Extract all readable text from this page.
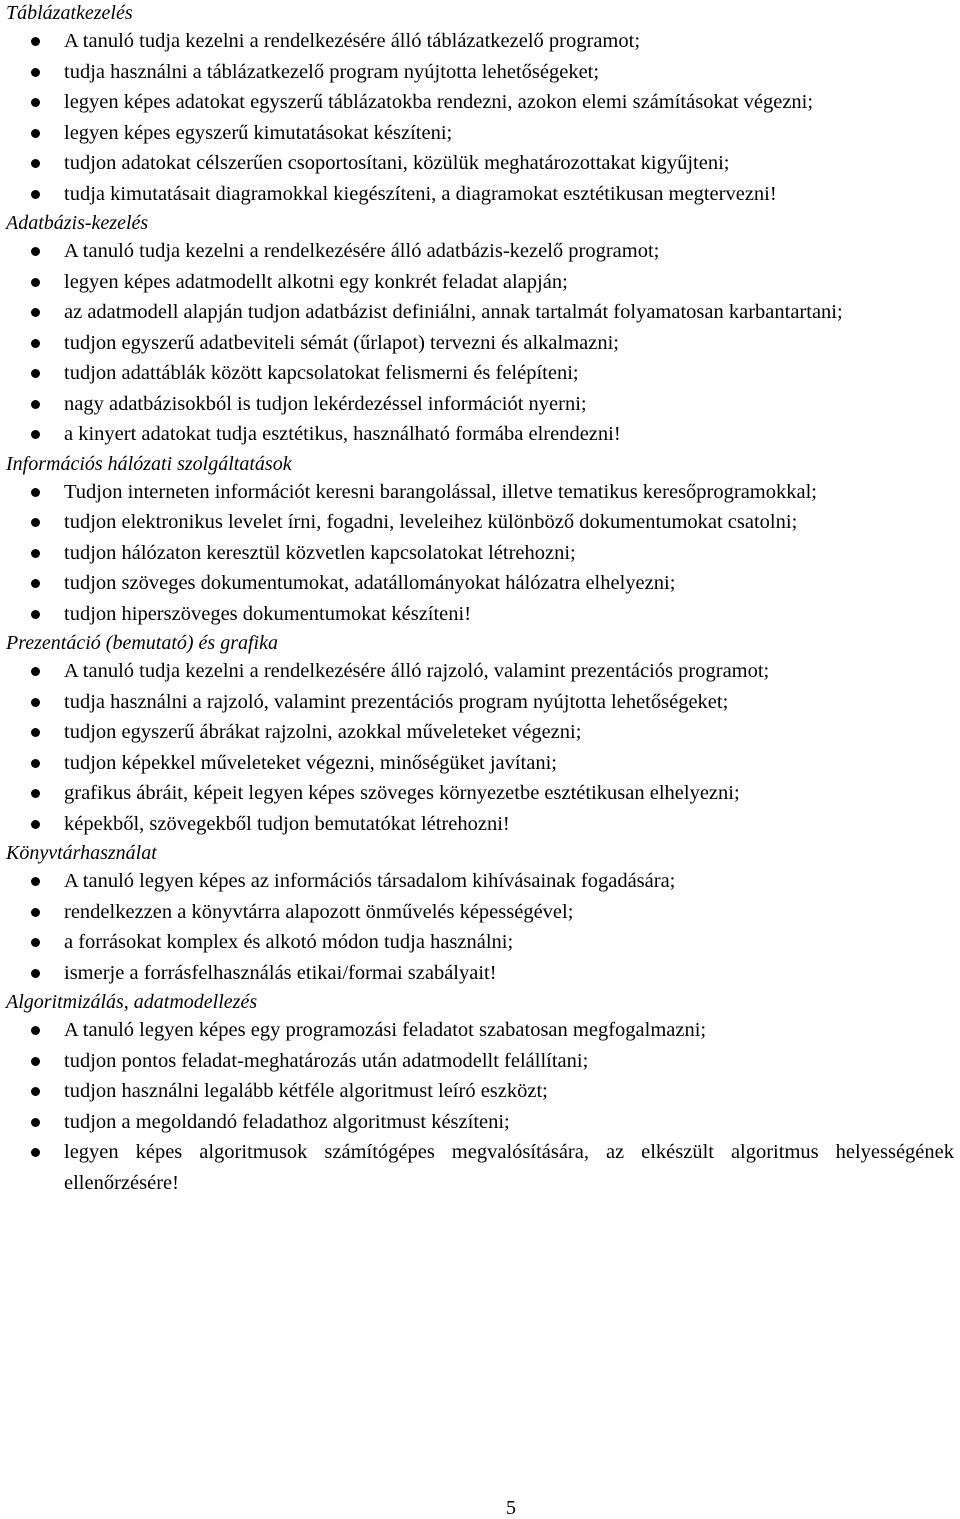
Táblázatkezelés
A tanuló tudja kezelni a rendelkezésére álló táblázatkezelő programot;
tudja használni a táblázatkezelő program nyújtotta lehetőségeket;
legyen képes adatokat egyszerű táblázatokba rendezni, azokon elemi számításokat végezni;
legyen képes egyszerű kimutatásokat készíteni;
tudjon adatokat célszerűen csoportosítani, közülük meghatározottakat kigyűjteni;
tudja kimutatásait diagramokkal kiegészíteni, a diagramokat esztétikusan megtervezni!
Adatbázis-kezelés
A tanuló tudja kezelni a rendelkezésére álló adatbázis-kezelő programot;
legyen képes adatmodellt alkotni egy konkrét feladat alapján;
az adatmodell alapján tudjon adatbázist definiálni, annak tartalmát folyamatosan karbantartani;
tudjon egyszerű adatbeviteli sémát (űrlapot) tervezni és alkalmazni;
tudjon adattáblák között kapcsolatokat felismerni és felépíteni;
nagy adatbázisokból is tudjon lekérdezéssel információt nyerni;
a kinyert adatokat tudja esztétikus, használható formába elrendezni!
Információs hálózati szolgáltatások
Tudjon interneten információt keresni barangolással, illetve tematikus keresőprogramokkal;
tudjon elektronikus levelet írni, fogadni, leveleihez különböző dokumentumokat csatolni;
tudjon hálózaton keresztül közvetlen kapcsolatokat létrehozni;
tudjon szöveges dokumentumokat, adatállományokat hálózatra elhelyezni;
tudjon hiperszöveges dokumentumokat készíteni!
Prezentáció (bemutató) és grafika
A tanuló tudja kezelni a rendelkezésére álló rajzoló, valamint prezentációs programot;
tudja használni a rajzoló, valamint prezentációs program nyújtotta lehetőségeket;
tudjon egyszerű ábrákat rajzolni, azokkal műveleteket végezni;
tudjon képekkel műveleteket végezni, minőségüket javítani;
grafikus ábráit, képeit legyen képes szöveges környezetbe esztétikusan elhelyezni;
képekből, szövegekből tudjon bemutatókat létrehozni!
Könyvtárhasználat
A tanuló legyen képes az információs társadalom kihívásainak fogadására;
rendelkezzen a könyvtárra alapozott önművelés képességével;
a forrásokat komplex és alkotó módon tudja használni;
ismerje a forrásfelhasználás etikai/formai szabályait!
Algoritmizálás, adatmodellezés
A tanuló legyen képes egy programozási feladatot szabatosan megfogalmazni;
tudjon pontos feladat-meghatározás után adatmodellt felállítani;
tudjon használni legalább kétféle algoritmust leíró eszközt;
tudjon a megoldandó feladathoz algoritmust készíteni;
legyen képes algoritmusok számítógépes megvalósítására, az elkészült algoritmus helyességének ellenőrzésére!
5
